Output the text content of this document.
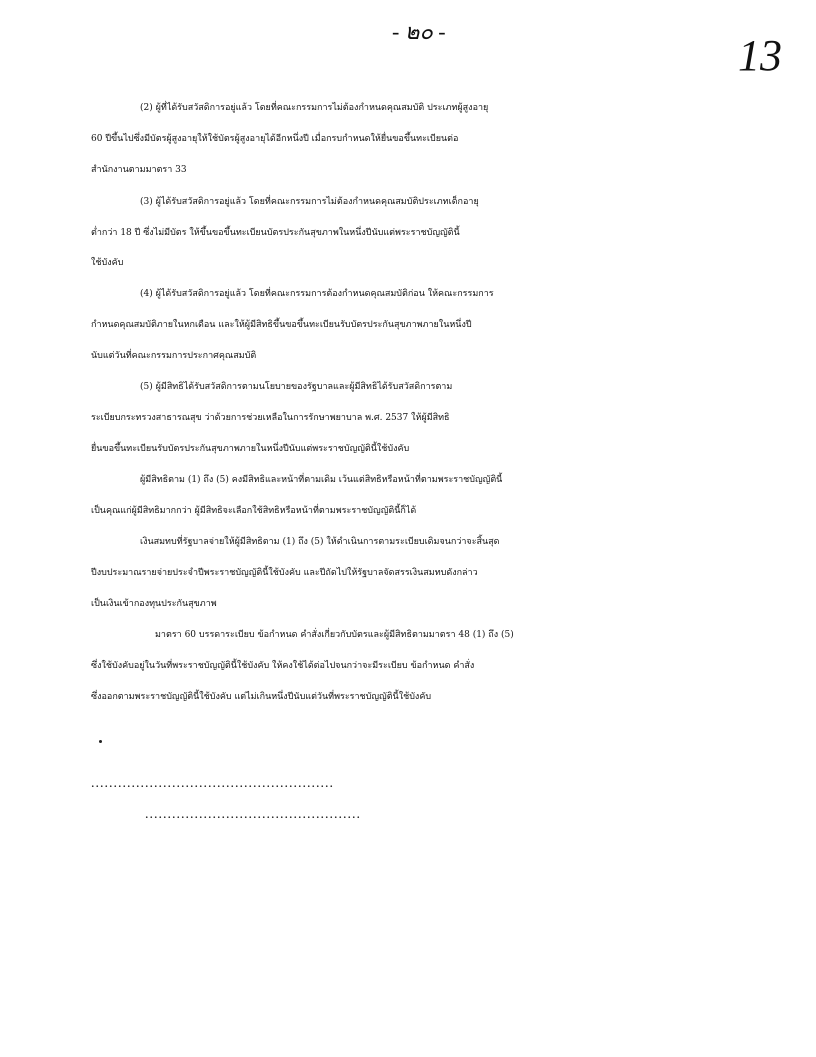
- ๒๐ -	13
(2) ผู้ที่ได้รับสวัสดิการอยู่แล้ว โดยที่คณะกรรมการไม่ต้องกำหนดคุณสมบัติ ประเภทผู้สูงอายุ
60 ปีขึ้นไปซึ่งมีบัตรผู้สูงอายุให้ใช้บัตรผู้สูงอายุได้อีกหนึ่งปี เมื่อกรบกำหนดให้ยื่นขอขึ้นทะเบียนต่อ
สำนักงานตามมาตรา 33
(3) ผู้ได้รับสวัสดิการอยู่แล้ว โดยที่คณะกรรมการไม่ต้องกำหนดคุณสมบัติประเภทเด็กอายุ
ต่ำกว่า 18 ปี ซึ่งไม่มีบัตร ให้ขึ้นขอขึ้นทะเบียนบัตรประกันสุขภาพในหนึ่งปีนับแต่พระราชบัญญัตินี้
ใช้บังคับ
(4) ผู้ได้รับสวัสดิการอยู่แล้ว โดยที่คณะกรรมการต้องกำหนดคุณสมบัติก่อน ให้คณะกรรมการ
กำหนดคุณสมบัติภายในหกเดือน และให้ผู้มีสิทธิขึ้นขอขึ้นทะเบียนรับบัตรประกันสุขภาพภายในหนึ่งปี
นับแต่วันที่คณะกรรมการประกาศคุณสมบัติ
(5) ผู้มีสิทธิได้รับสวัสดิการตามนโยบายของรัฐบาลและผู้มีสิทธิได้รับสวัสดิการตาม
ระเบียบกระทรวงสาธารณสุข ว่าด้วยการช่วยเหลือในการรักษาพยาบาล พ.ศ. 2537 ให้ผู้มีสิทธิ
ยื่นขอขึ้นทะเบียนรับบัตรประกันสุขภาพภายในหนึ่งปีนับแต่พระราชบัญญัตินี้ใช้บังคับ
ผู้มีสิทธิตาม (1) ถึง (5) คงมีสิทธิและหน้าที่ตามเดิม เว้นแต่สิทธิหรือหน้าที่ตามพระราชบัญญัตินี้
เป็นคุณแก่ผู้มีสิทธิมากกว่า ผู้มีสิทธิจะเลือกใช้สิทธิหรือหน้าที่ตามพระราชบัญญัตินี้ก็ได้
เงินสมทบที่รัฐบาลจ่ายให้ผู้มีสิทธิตาม (1) ถึง (5) ให้ดำเนินการตามระเบียบเดิมจนกว่าจะสิ้นสุด
ปีงบประมาณรายจ่ายประจำปีพระราชบัญญัตินี้ใช้บังคับ และปีถัดไปให้รัฐบาลจัดสรรเงินสมทบดังกล่าว
เป็นเงินเข้ากองทุนประกันสุขภาพ
มาตรา 60 บรรดาระเบียบ ข้อกำหนด คำสั่งเกี่ยวกับบัตรและผู้มีสิทธิตามมาตรา 48 (1) ถึง (5)
ซึ่งใช้บังคับอยู่ในวันที่พระราชบัญญัตินี้ใช้บังคับ ให้คงใช้ได้ต่อไปจนกว่าจะมีระเบียบ ข้อกำหนด คำสั่ง
ซึ่งออกตามพระราชบัญญัตินี้ใช้บังคับ แต่ไม่เกินหนึ่งปีนับแต่วันที่พระราชบัญญัตินี้ใช้บังคับ
......................................................
................................................
